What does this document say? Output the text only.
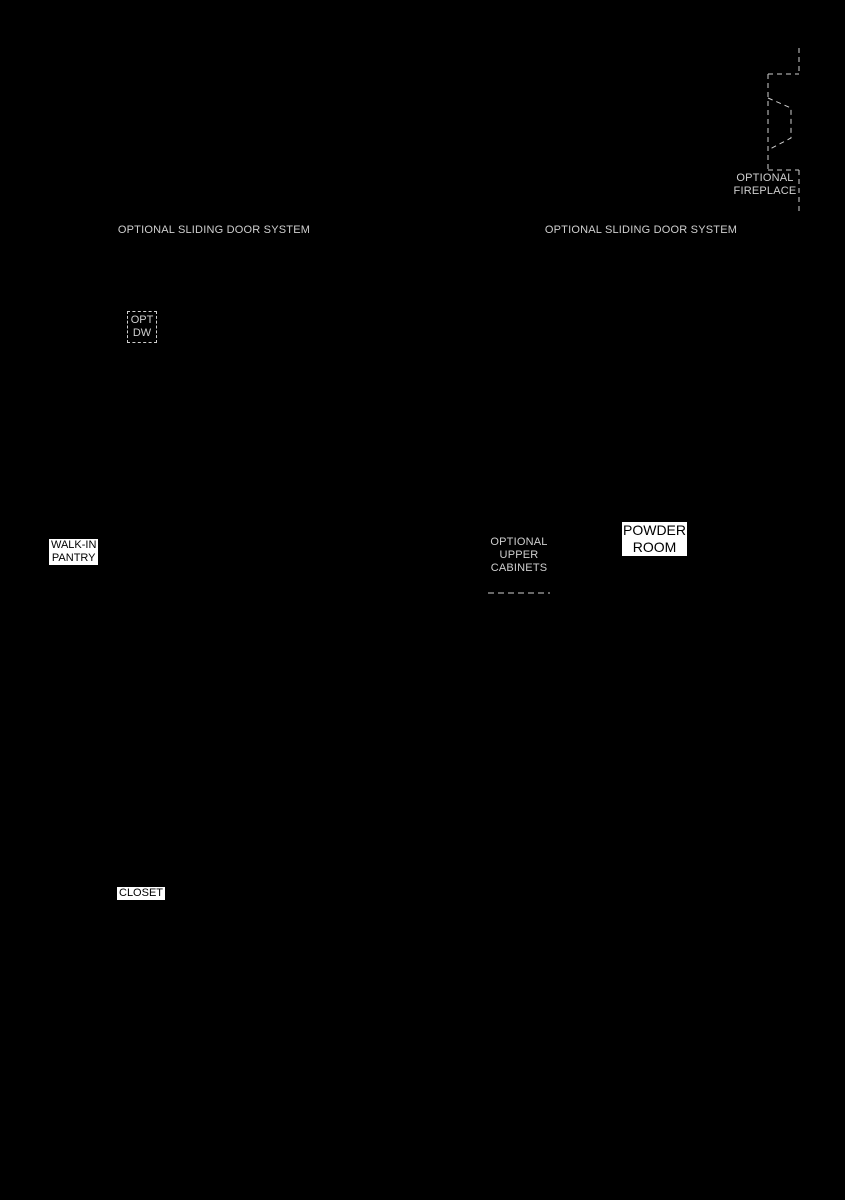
OPTIONAL
FIREPLACE
OPTIONAL SLIDING DOOR SYSTEM	OPTIONAL SLIDING DOOR SYSTEM
OPT
DW
WALK-IN
PANTRY
OPTIONAL
UPPER
CABINETS
POWDER
ROOM
CLOSET
